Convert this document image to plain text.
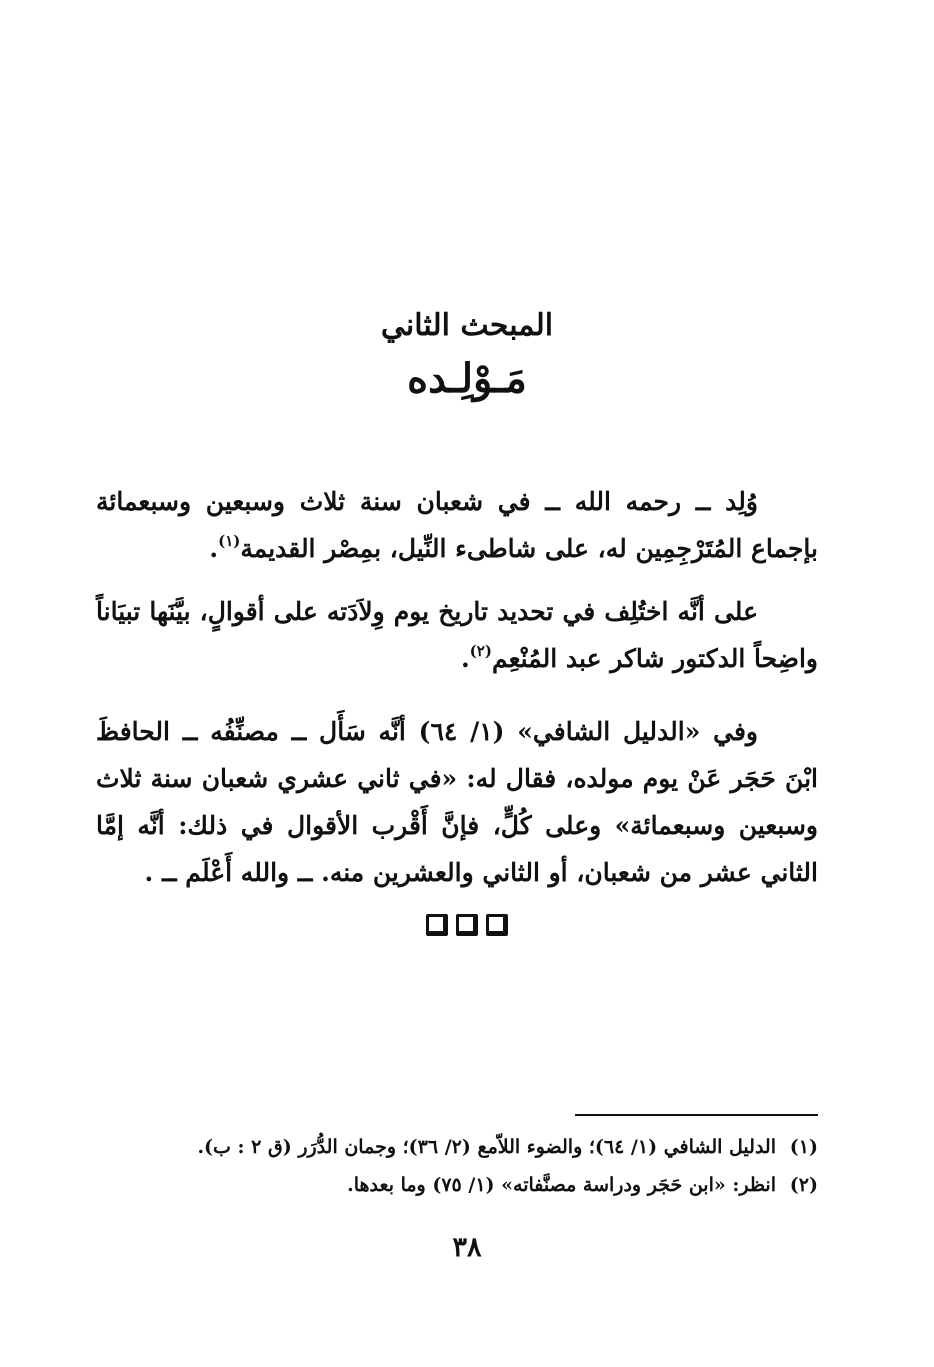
المبحث الثاني
مَـوْلِـده

وُلِد ــ رحمه الله ــ في شعبان سنة ثلاث وسبعين وسبعمائة بإجماع المُتَرْجِمِين له، على شاطىء النِّيل، بمِصْر القديمة$^{(١)}$.

على أنَّه اختُلِف في تحديد تاريخ يوم وِلاَدَته على أقوالٍ، بيَّنَها تبيَاناً واضِحاً الدكتور شاكر عبد المُنْعِم$^{(٢)}$.

وفي «الدليل الشافي» (١/ ٦٤) أنَّه سَأَل ــ مصنِّفُه ــ الحافظَ ابْنَ حَجَر عَنْ يوم مولده، فقال له: «في ثاني عشري شعبان سنة ثلاث وسبعين وسبعمائة» وعلى كُلٍّ، فإنَّ أَقْرب الأقوال في ذلك: أنَّه إمَّا الثاني عشر من شعبان، أو الثاني والعشرين منه. ــ والله أَعْلَم ــ .

(١)
الدليل الشافي (١/ ٦٤)؛ والضوء اللاّمع (٢/ ٣٦)؛ وجمان الدُّرَر (ق ٢ : ب).
(٢)
انظر: «ابن حَجَر ودراسة مصنَّفاته» (١/ ٧٥) وما بعدها.
٣٨
